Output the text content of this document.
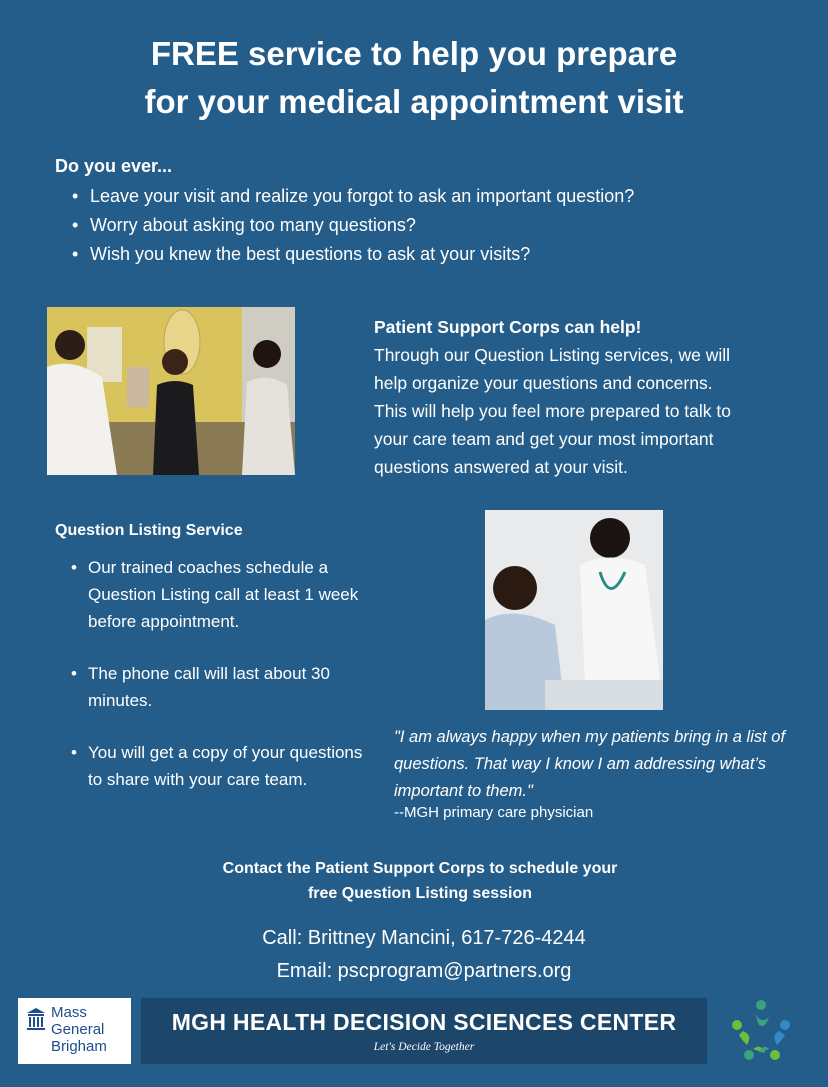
FREE service to help you prepare
for your medical appointment visit
Do you ever...
• Leave your visit and realize you forgot to ask an important question?
• Worry about asking too many questions?
• Wish you knew the best questions to ask at your visits?
Patient Support Corps can help!
Through our Question Listing services, we will
help organize your questions and concerns.
This will help you feel more prepared to talk to
your care team and get your most important
questions answered at your visit.
Question Listing Service
• Our trained coaches schedule a Question Listing call at least 1 week before appointment.
• The phone call will last about 30 minutes.
• You will get a copy of your questions to share with your care team.
"I am always happy when my patients bring in a list of questions. That way I know I am addressing what’s important to them."
--MGH primary care physician
Contact the Patient Support Corps to schedule your
free Question Listing session
Call: Brittney Mancini, 617-726-4244
Email: pscprogram@partners.org
Mass
General
Brigham
MGH HEALTH DECISION SCIENCES CENTER
Let's Decide Together
